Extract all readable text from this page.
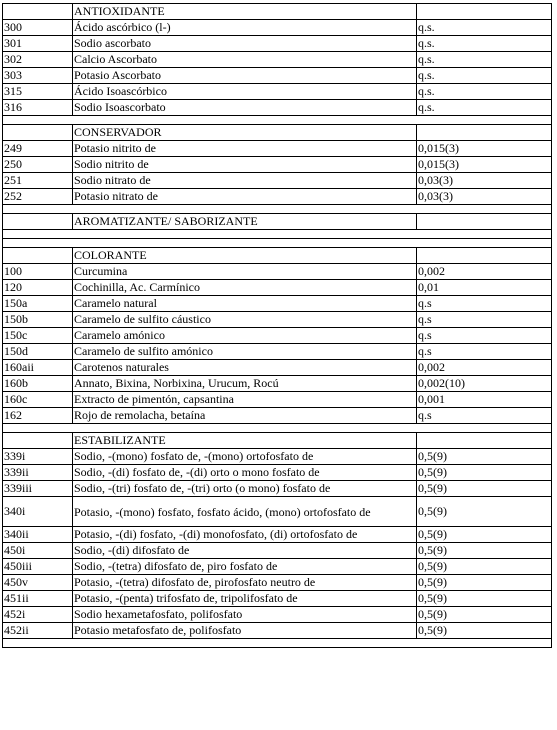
	ANTIOXIDANTE	
300	Ácido ascórbico (l-)	q.s.
301	Sodio ascorbato	q.s.
302	Calcio Ascorbato	q.s.
303	Potasio Ascorbato	q.s.
315	Ácido Isoascórbico	q.s.
316	Sodio Isoascorbato	q.s.

	CONSERVADOR	
249	Potasio nitrito de	0,015(3)
250	Sodio nitrito de	0,015(3)
251	Sodio nitrato de	0,03(3)
252	Potasio nitrato de	0,03(3)

	AROMATIZANTE/ SABORIZANTE	

	COLORANTE	
100	Curcumina	0,002
120	Cochinilla, Ac. Carmínico	0,01
150a	Caramelo natural	q.s
150b	Caramelo de sulfito cáustico	q.s
150c	Caramelo amónico	q.s
150d	Caramelo de sulfito amónico	q.s
160aii	Carotenos naturales	0,002
160b	Annato, Bixina, Norbixina, Urucum, Rocú	0,002(10)
160c	Extracto de pimentón, capsantina	0,001
162	Rojo de remolacha, betaína	q.s

	ESTABILIZANTE	
339i	Sodio, -(mono) fosfato de, -(mono) ortofosfato de	0,5(9)
339ii	Sodio, -(di) fosfato de, -(di) orto o mono fosfato de	0,5(9)
339iii	Sodio, -(tri) fosfato de, -(tri) orto (o mono) fosfato de	0,5(9)
340i	Potasio, -(mono) fosfato, fosfato ácido, (mono) ortofosfato de	0,5(9)
340ii	Potasio, -(di) fosfato, -(di) monofosfato, (di) ortofosfato de	0,5(9)
450i	Sodio, -(di) difosfato de	0,5(9)
450iii	Sodio, -(tetra) difosfato de, piro fosfato de	0,5(9)
450v	Potasio, -(tetra) difosfato de, pirofosfato neutro de	0,5(9)
451ii	Potasio, -(penta) trifosfato de, tripolifosfato de	0,5(9)
452i	Sodio hexametafosfato, polifosfato	0,5(9)
452ii	Potasio metafosfato de, polifosfato	0,5(9)
